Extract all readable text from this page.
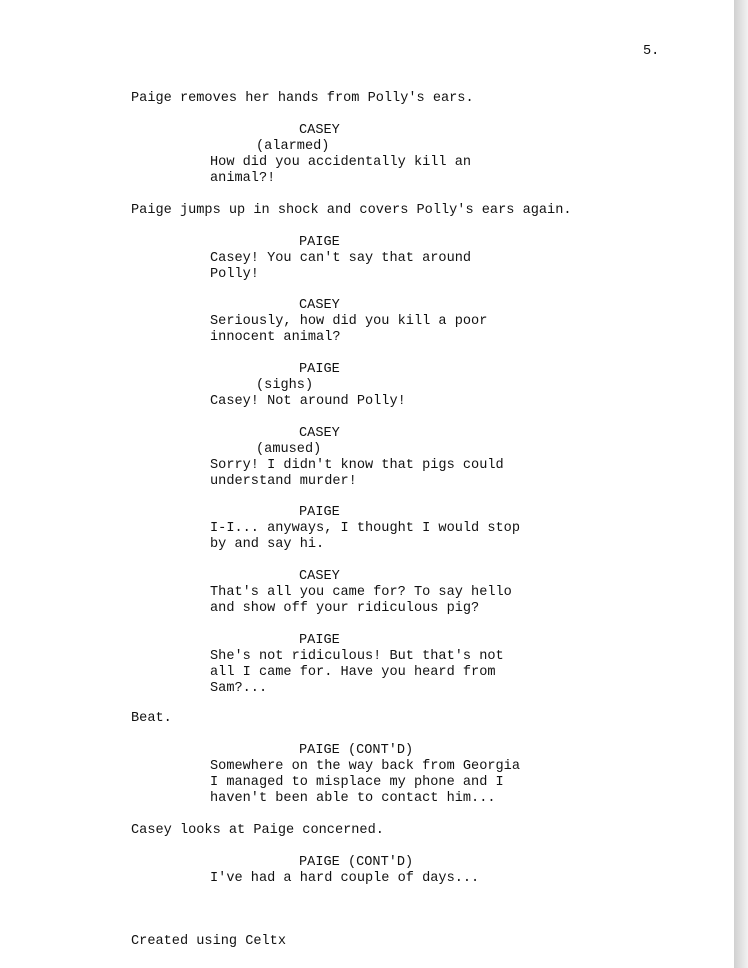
5.
Paige removes her hands from Polly's ears.
CASEY
(alarmed)
How did you accidentally kill an
animal?!
Paige jumps up in shock and covers Polly's ears again.
PAIGE
Casey! You can't say that around
Polly!
CASEY
Seriously, how did you kill a poor
innocent animal?
PAIGE
(sighs)
Casey! Not around Polly!
CASEY
(amused)
Sorry! I didn't know that pigs could
understand murder!
PAIGE
I-I... anyways, I thought I would stop
by and say hi.
CASEY
That's all you came for? To say hello
and show off your ridiculous pig?
PAIGE
She's not ridiculous! But that's not
all I came for. Have you heard from
Sam?...
Beat.
PAIGE (CONT'D)
Somewhere on the way back from Georgia
I managed to misplace my phone and I
haven't been able to contact him...
Casey looks at Paige concerned.
PAIGE (CONT'D)
I've had a hard couple of days...
Created using Celtx
